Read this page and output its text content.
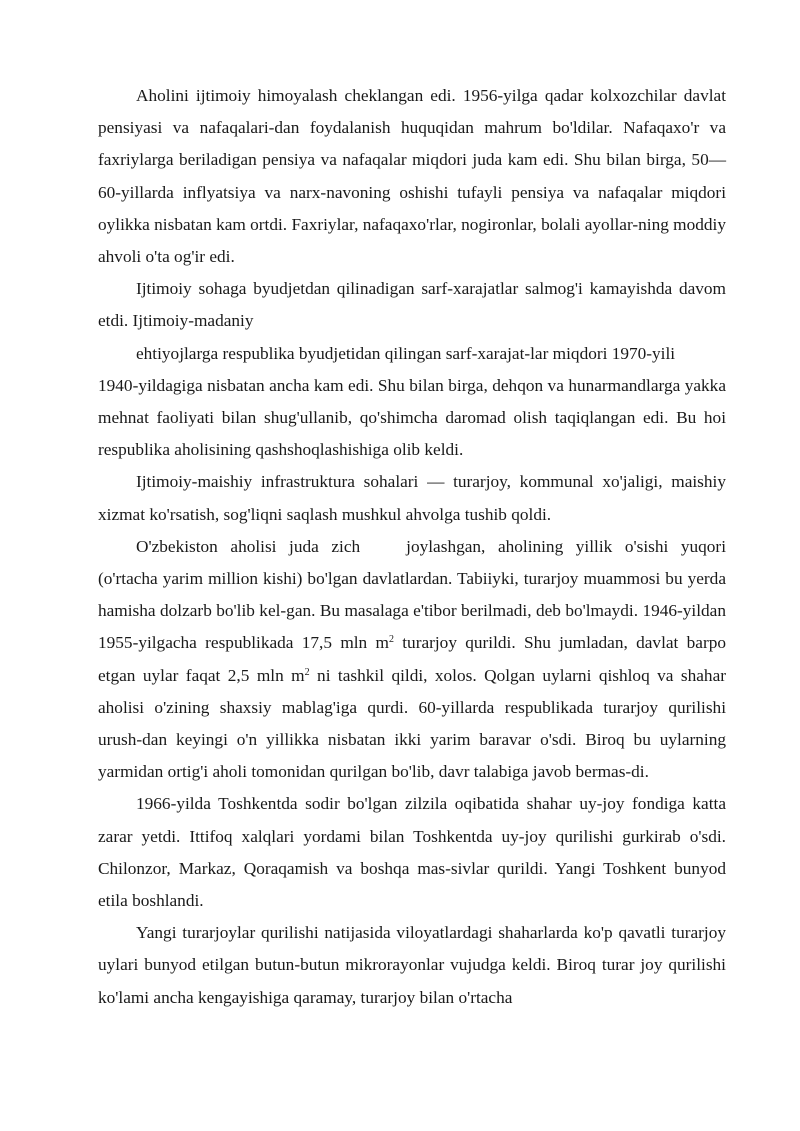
Aholini ijtimoiy himoyalash cheklangan edi. 1956-yilga qadar kolxozchilar davlat pensiyasi va nafaqalari-dan foydalanish huquqidan mahrum bo'ldilar. Nafaqaxo'r va faxriylarga beriladigan pensiya va nafaqalar miqdori juda kam edi. Shu bilan birga, 50— 60-yillarda inflyatsiya va narx-navoning oshishi tufayli pensiya va nafaqalar miqdori oylikka nisbatan kam ortdi. Faxriylar, nafaqaxo'rlar, nogironlar, bolali ayollar-ning moddiy ahvoli o'ta og'ir edi.

Ijtimoiy sohaga byudjetdan qilinadigan sarf-xarajatlar salmog'i kamayishda davom etdi. Ijtimoiy-madaniy

ehtiyojlarga respublika byudjetidan qilingan sarf-xarajat-lar miqdori 1970-yili
1940-yildagiga nisbatan ancha kam edi. Shu bilan birga, dehqon va hunarmandlarga yakka mehnat faoliyati bilan shug'ullanib, qo'shimcha daromad olish taqiqlangan edi. Bu hoi respublika aholisining qashshoqlashishiga olib keldi.

Ijtimoiy-maishiy infrastruktura sohalari — turarjoy, kommunal xo'jaligi, maishiy xizmat ko'rsatish, sog'liqni saqlash mushkul ahvolga tushib qoldi.

O'zbekiston aholisi juda zich	joylashgan, aholining yillik o'sishi yuqori (o'rtacha yarim million kishi) bo'lgan davlatlardan. Tabiiyki, turarjoy muammosi bu yerda hamisha dolzarb bo'lib kel-gan. Bu masalaga e'tibor berilmadi, deb bo'lmaydi. 1946-yildan 1955-yilgacha respublikada 17,5 mln $m^2$ turarjoy qurildi. Shu jumladan, davlat barpo etgan uylar faqat 2,5 mln $m^2$ ni tashkil qildi, xolos. Qolgan uylarni qishloq va shahar aholisi o'zining shaxsiy mablag'iga qurdi. 60-yillarda respublikada turarjoy qurilishi urush-dan keyingi o'n yillikka nisbatan ikki yarim baravar o'sdi. Biroq bu uylarning yarmidan ortig'i aholi tomonidan qurilgan bo'lib, davr talabiga javob bermas-di.

1966-yilda Toshkentda sodir bo'lgan zilzila oqibatida shahar uy-joy fondiga katta zarar yetdi. Ittifoq xalqlari yordami bilan Toshkentda uy-joy qurilishi gurkirab o'sdi. Chilonzor, Markaz, Qoraqamish va boshqa mas-sivlar qurildi. Yangi Toshkent bunyod etila boshlandi.

Yangi turarjoylar qurilishi natijasida viloyatlardagi shaharlarda ko'p qavatli turarjoy uylari bunyod etilgan butun-butun mikrorayonlar vujudga keldi. Biroq turar joy qurilishi ko'lami ancha kengayishiga qaramay, turarjoy bilan o'rtacha
